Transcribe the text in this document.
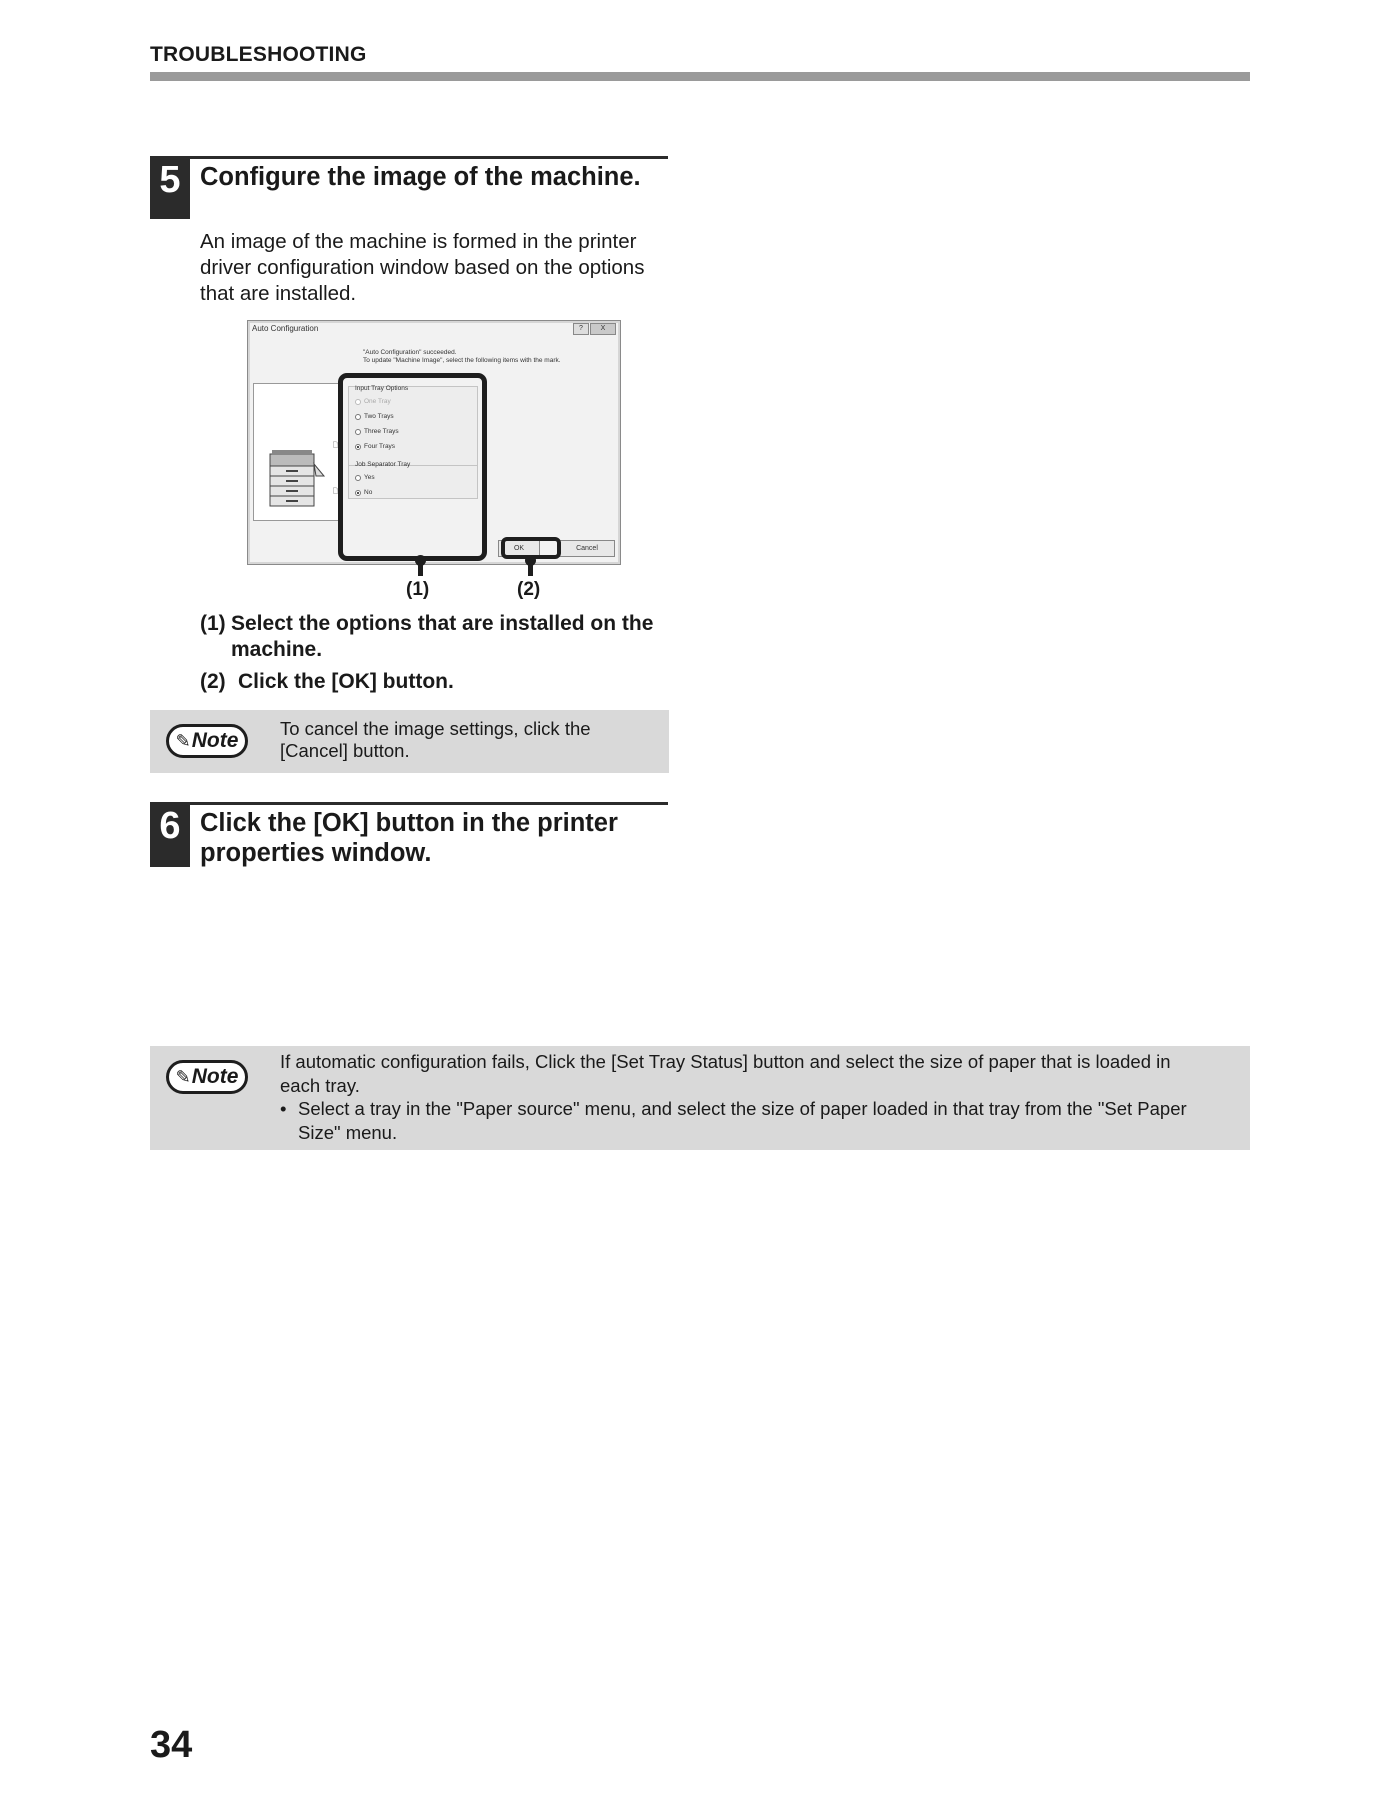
TROUBLESHOOTING
5 Configure the image of the machine.
An image of the machine is formed in the printer
driver configuration window based on the options
that are installed.
Auto Configuration	?	X
"Auto Configuration" succeeded.
To update "Machine Image", select the following items with the mark.
Input Tray Options
One Tray
Two Trays
Three Trays
Four Trays
☞
Job Separator Tray
Yes
No
☞
OK	Cancel
(1)	(2)
(1) Select the options that are installed on the
machine.
(2) Click the [OK] button.
✎ Note
To cancel the image settings, click the
[Cancel] button.
6 Click the [OK] button in the printer
properties window.
✎ Note
If automatic configuration fails, Click the [Set Tray Status] button and select the size of paper that is loaded in
each tray.
• Select a tray in the "Paper source" menu, and select the size of paper loaded in that tray from the "Set Paper
Size" menu.
34
